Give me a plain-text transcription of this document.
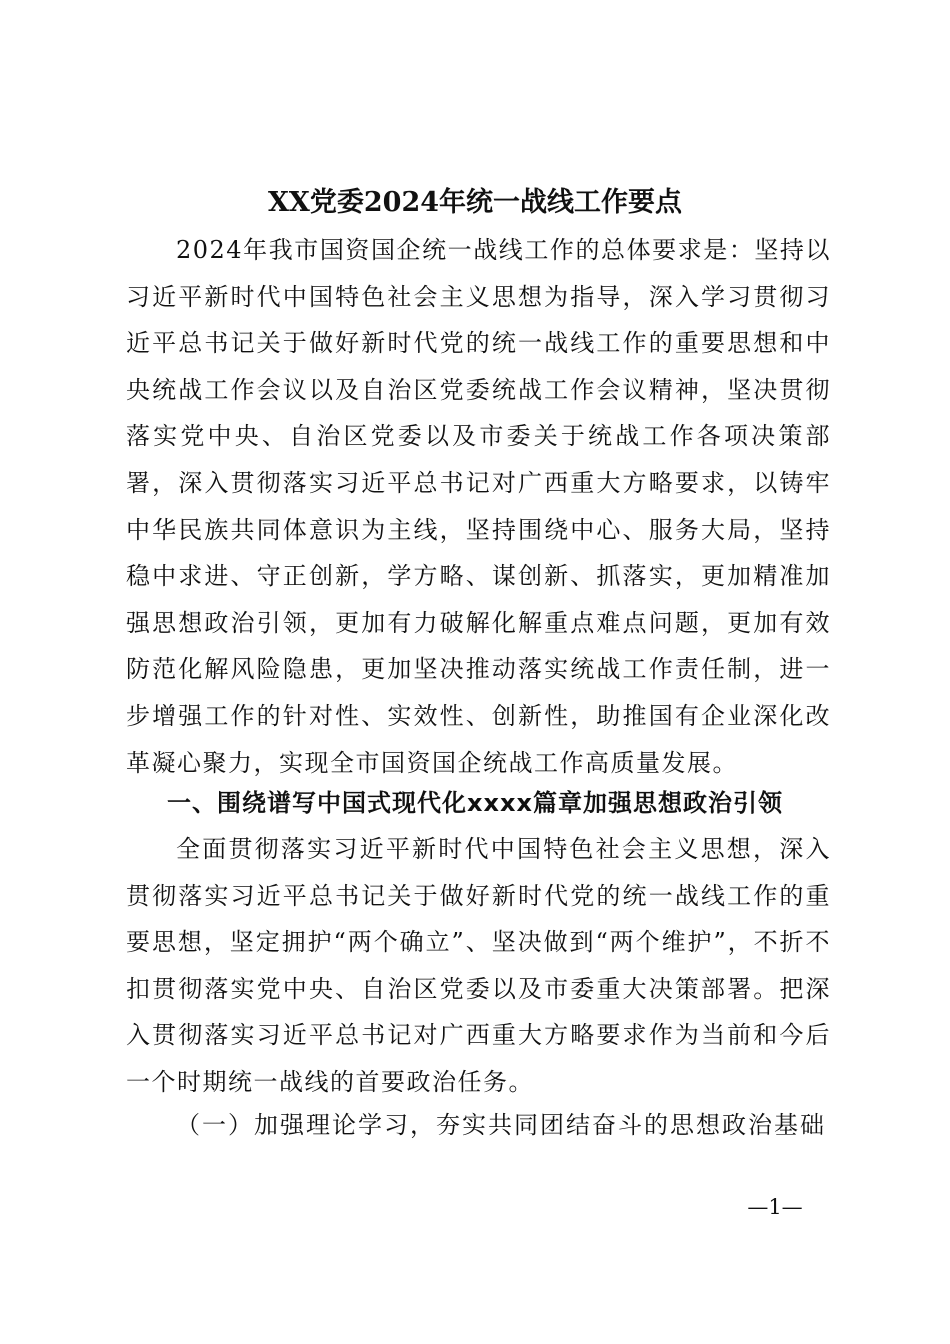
XX党委2024年统一战线工作要点
2024年我市国资国企统一战线工作的总体要求是：坚持以习近平新时代中国特色社会主义思想为指导，深入学习贯彻习近平总书记关于做好新时代党的统一战线工作的重要思想和中央统战工作会议以及自治区党委统战工作会议精神，坚决贯彻落实党中央、自治区党委以及市委关于统战工作各项决策部署，深入贯彻落实习近平总书记对广西重大方略要求，以铸牢中华民族共同体意识为主线，坚持围绕中心、服务大局，坚持稳中求进、守正创新，学方略、谋创新、抓落实，更加精准加强思想政治引领，更加有力破解化解重点难点问题，更加有效防范化解风险隐患，更加坚决推动落实统战工作责任制，进一步增强工作的针对性、实效性、创新性，助推国有企业深化改革凝心聚力，实现全市国资国企统战工作高质量发展。
一、围绕谱写中国式现代化xxxx篇章加强思想政治引领
全面贯彻落实习近平新时代中国特色社会主义思想，深入贯彻落实习近平总书记关于做好新时代党的统一战线工作的重要思想，坚定拥护“两个确立”、坚决做到“两个维护”，不折不扣贯彻落实党中央、自治区党委以及市委重大决策部署。把深入贯彻落实习近平总书记对广西重大方略要求作为当前和今后一个时期统一战线的首要政治任务。
（一）加强理论学习，夯实共同团结奋斗的思想政治基础
—1—
